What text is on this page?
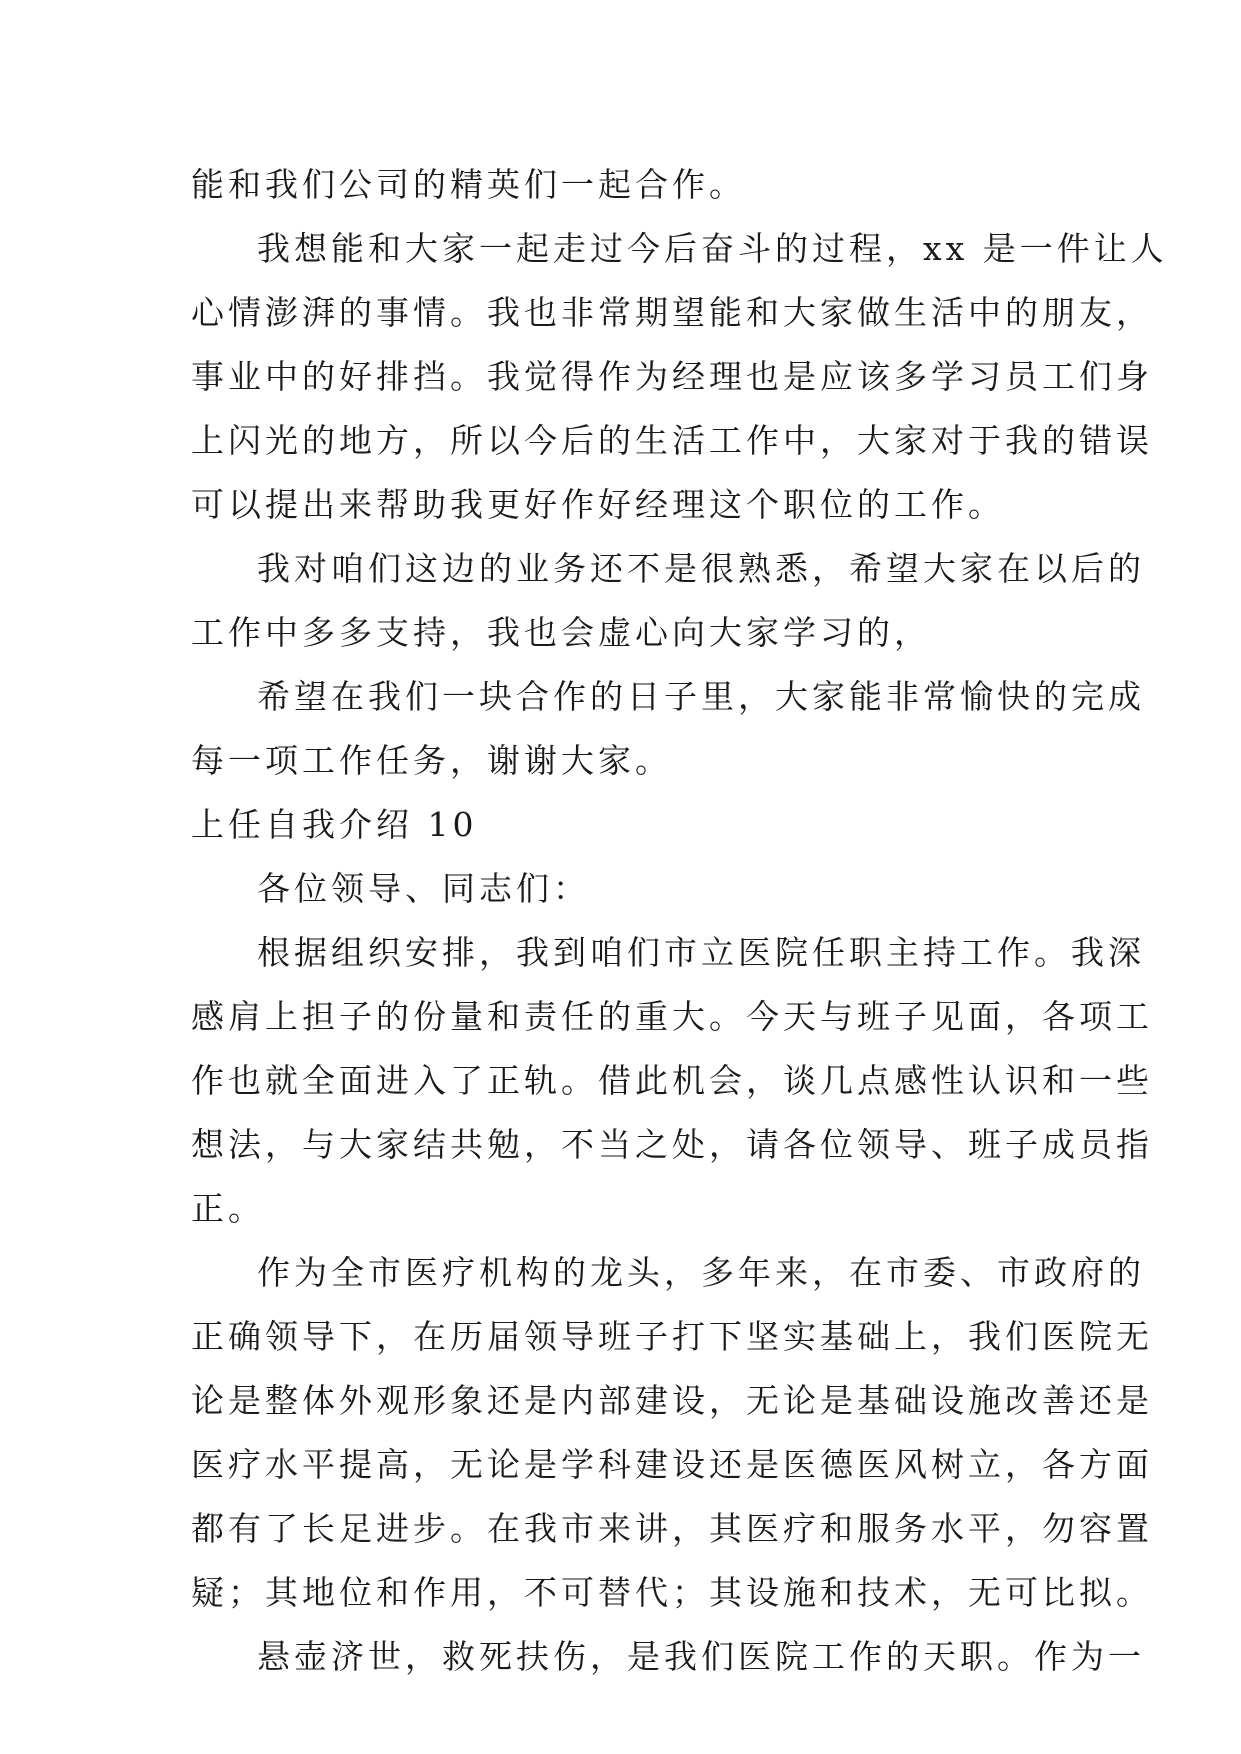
能和我们公司的精英们一起合作。
我想能和大家一起走过今后奋斗的过程，xx 是一件让人
心情澎湃的事情。我也非常期望能和大家做生活中的朋友，
事业中的好排挡。我觉得作为经理也是应该多学习员工们身
上闪光的地方，所以今后的生活工作中，大家对于我的错误
可以提出来帮助我更好作好经理这个职位的工作。
我对咱们这边的业务还不是很熟悉，希望大家在以后的
工作中多多支持，我也会虚心向大家学习的，
希望在我们一块合作的日子里，大家能非常愉快的完成
每一项工作任务，谢谢大家。
上任自我介绍 10
各位领导、同志们：
根据组织安排，我到咱们市立医院任职主持工作。我深
感肩上担子的份量和责任的重大。今天与班子见面，各项工
作也就全面进入了正轨。借此机会，谈几点感性认识和一些
想法，与大家结共勉，不当之处，请各位领导、班子成员指
正。
作为全市医疗机构的龙头，多年来，在市委、市政府的
正确领导下，在历届领导班子打下坚实基础上，我们医院无
论是整体外观形象还是内部建设，无论是基础设施改善还是
医疗水平提高，无论是学科建设还是医德医风树立，各方面
都有了长足进步。在我市来讲，其医疗和服务水平，勿容置
疑；其地位和作用，不可替代；其设施和技术，无可比拟。
悬壶济世，救死扶伤，是我们医院工作的天职。作为一
